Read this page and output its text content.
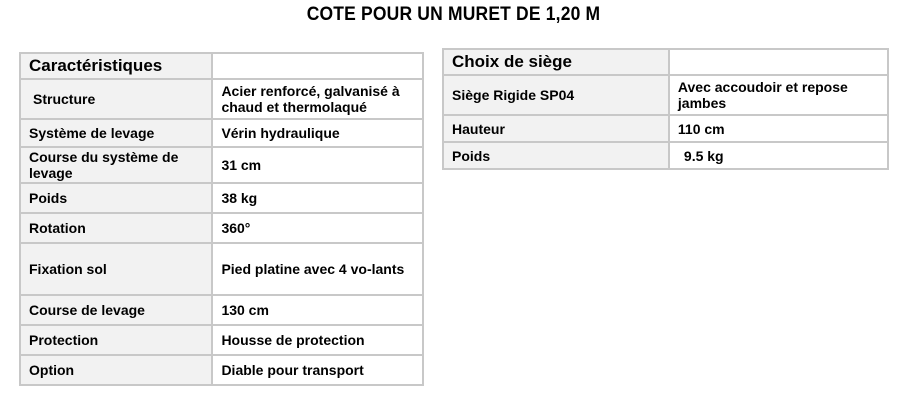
COTE POUR UN MURET DE 1,20 M
Caractéristiques	
Structure	Acier renforcé, galvanisé à chaud et thermolaqué
Système de levage	Vérin hydraulique
Course du système de levage	31 cm
Poids	38 kg
Rotation	360°
Fixation sol	Pied platine avec 4 vo-lants
Course de levage	130 cm
Protection	Housse de protection
Option	Diable pour transport
Choix de siège	
Siège Rigide SP04	Avec accoudoir et repose jambes
Hauteur	110 cm
Poids	9.5 kg
